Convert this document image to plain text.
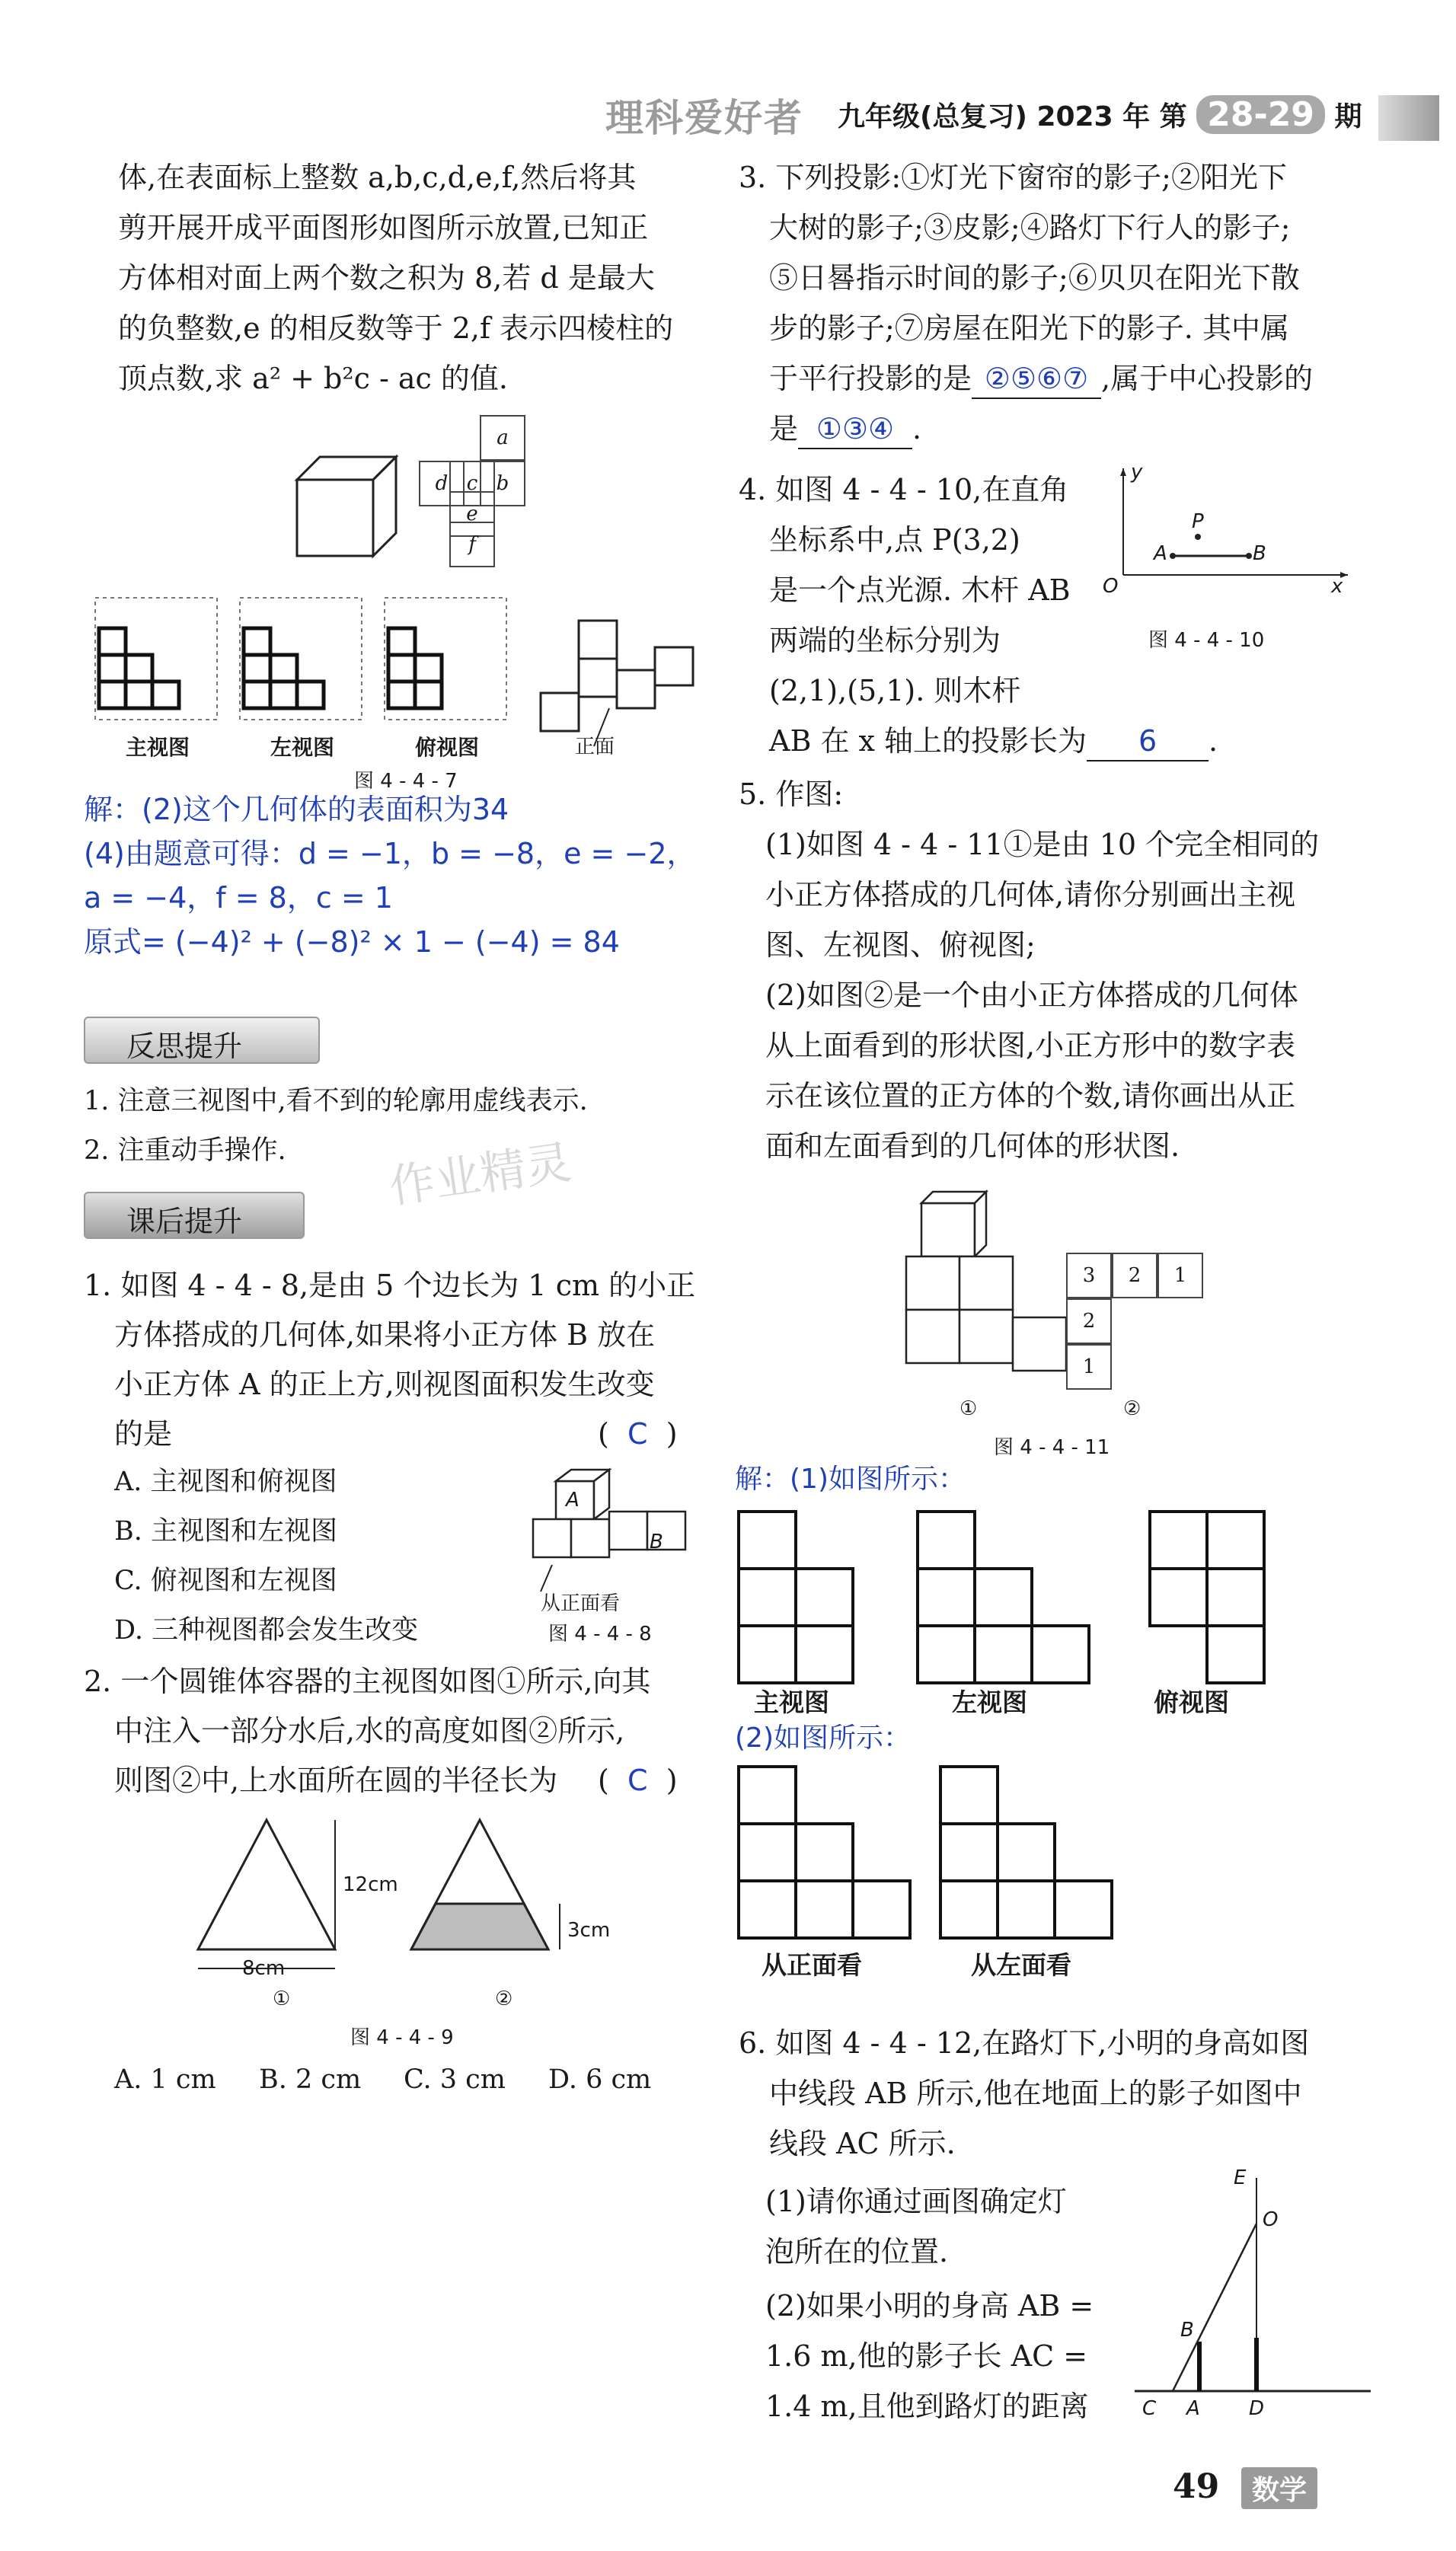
理科爱好者 九年级(总复习) 2023 年 第 28-29 期
体,在表面标上整数 a,b,c,d,e,f,然后将其
剪开展开成平面图形如图所示放置,已知正
方体相对面上两个数之积为 8,若 d 是最大
的负整数,e 的相反数等于 2,f 表示四棱柱的
顶点数,求 a² + b²c - ac 的值.
a
d c b
e
f
主视图	左视图	俯视图	正面
图 4 - 4 - 7
解：(2)这个几何体的表面积为34
(4)由题意可得：d = −1，b = −8，e = −2，
a = −4，f = 8，c = 1
原式= (−4)² + (−8)² × 1 − (−4) = 84
反思提升
1. 注意三视图中,看不到的轮廓用虚线表示.
2. 注重动手操作. 作业精灵
课后提升
1. 如图 4 - 4 - 8,是由 5 个边长为 1 cm 的小正
方体搭成的几何体,如果将小正方体 B 放在
小正方体 A 的正上方,则视图面积发生改变
的是	(  C  )
A. 主视图和俯视图
B. 主视图和左视图
C. 俯视图和左视图
D. 三种视图都会发生改变
A
B
从正面看
图 4 - 4 - 8
2. 一个圆锥体容器的主视图如图①所示,向其
中注入一部分水后,水的高度如图②所示,
则图②中,上水面所在圆的半径长为 (  C  )
12cm
8cm
3cm
①	②
图 4 - 4 - 9
A. 1 cm B. 2 cm C. 3 cm D. 6 cm
3. 下列投影:①灯光下窗帘的影子;②阳光下
大树的影子;③皮影;④路灯下行人的影子;
⑤日晷指示时间的影子;⑥贝贝在阳光下散
步的影子;⑦房屋在阳光下的影子. 其中属
于平行投影的是 ②⑤⑥⑦ ,属于中心投影的
是 ①③④ .
4. 如图 4 - 4 - 10,在直角
坐标系中,点 P(3,2)
是一个点光源. 木杆 AB
两端的坐标分别为
(2,1),(5,1). 则木杆
AB 在 x 轴上的投影长为 6 .
y
P
A	B
O	x
图 4 - 4 - 10
5. 作图:
(1)如图 4 - 4 - 11①是由 10 个完全相同的
小正方体搭成的几何体,请你分别画出主视
图、左视图、俯视图;
(2)如图②是一个由小正方体搭成的几何体
从上面看到的形状图,小正方形中的数字表
示在该位置的正方体的个数,请你画出从正
面和左面看到的几何体的形状图.
3	2	1
2
1
①	②
图 4 - 4 - 11
解：(1)如图所示：
主视图	左视图	俯视图
(2)如图所示：
从正面看	从左面看
6. 如图 4 - 4 - 12,在路灯下,小明的身高如图
中线段 AB 所示,他在地面上的影子如图中
线段 AC 所示.
(1)请你通过画图确定灯
泡所在的位置.
(2)如果小明的身高 AB =
1.6 m,他的影子长 AC =
1.4 m,且他到路灯的距离
E
O
B
C A D
49	数学
